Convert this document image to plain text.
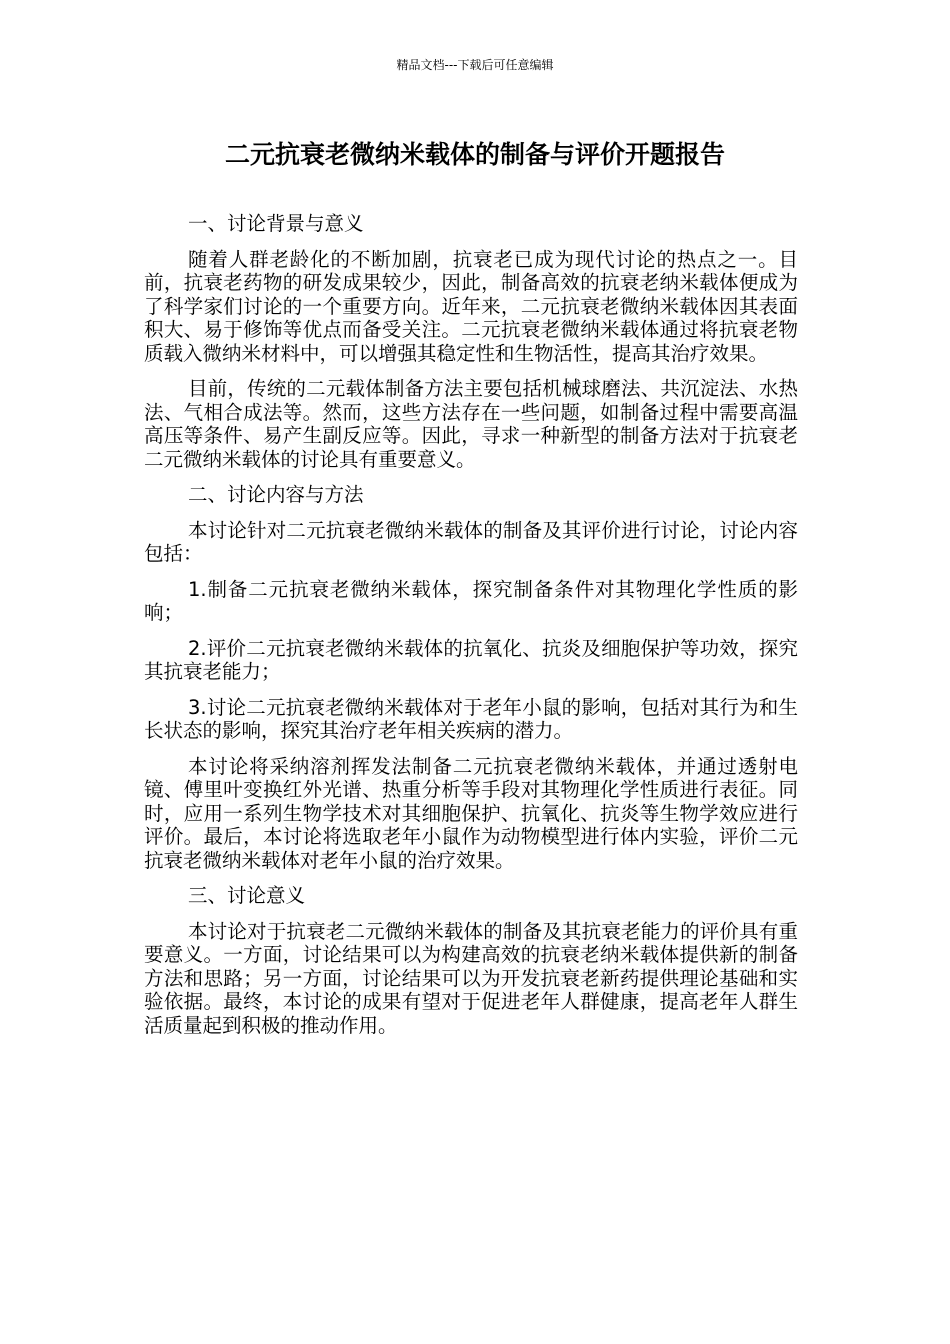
精品文档---下载后可任意编辑
二元抗衰老微纳米载体的制备与评价开题报告

一、讨论背景与意义

随着人群老龄化的不断加剧，抗衰老已成为现代讨论的热点之一。目前，抗衰老药物的研发成果较少，因此，制备高效的抗衰老纳米载体便成为了科学家们讨论的一个重要方向。近年来，二元抗衰老微纳米载体因其表面积大、易于修饰等优点而备受关注。二元抗衰老微纳米载体通过将抗衰老物质载入微纳米材料中，可以增强其稳定性和生物活性，提高其治疗效果。

目前，传统的二元载体制备方法主要包括机械球磨法、共沉淀法、水热法、气相合成法等。然而，这些方法存在一些问题，如制备过程中需要高温高压等条件、易产生副反应等。因此，寻求一种新型的制备方法对于抗衰老二元微纳米载体的讨论具有重要意义。

二、讨论内容与方法

本讨论针对二元抗衰老微纳米载体的制备及其评价进行讨论，讨论内容包括：

1.制备二元抗衰老微纳米载体，探究制备条件对其物理化学性质的影响；

2.评价二元抗衰老微纳米载体的抗氧化、抗炎及细胞保护等功效，探究其抗衰老能力；

3.讨论二元抗衰老微纳米载体对于老年小鼠的影响，包括对其行为和生长状态的影响，探究其治疗老年相关疾病的潜力。

本讨论将采纳溶剂挥发法制备二元抗衰老微纳米载体，并通过透射电镜、傅里叶变换红外光谱、热重分析等手段对其物理化学性质进行表征。同时，应用一系列生物学技术对其细胞保护、抗氧化、抗炎等生物学效应进行评价。最后，本讨论将选取老年小鼠作为动物模型进行体内实验，评价二元抗衰老微纳米载体对老年小鼠的治疗效果。

三、讨论意义

本讨论对于抗衰老二元微纳米载体的制备及其抗衰老能力的评价具有重要意义。一方面，讨论结果可以为构建高效的抗衰老纳米载体提供新的制备方法和思路；另一方面，讨论结果可以为开发抗衰老新药提供理论基础和实验依据。最终，本讨论的成果有望对于促进老年人群健康，提高老年人群生活质量起到积极的推动作用。
